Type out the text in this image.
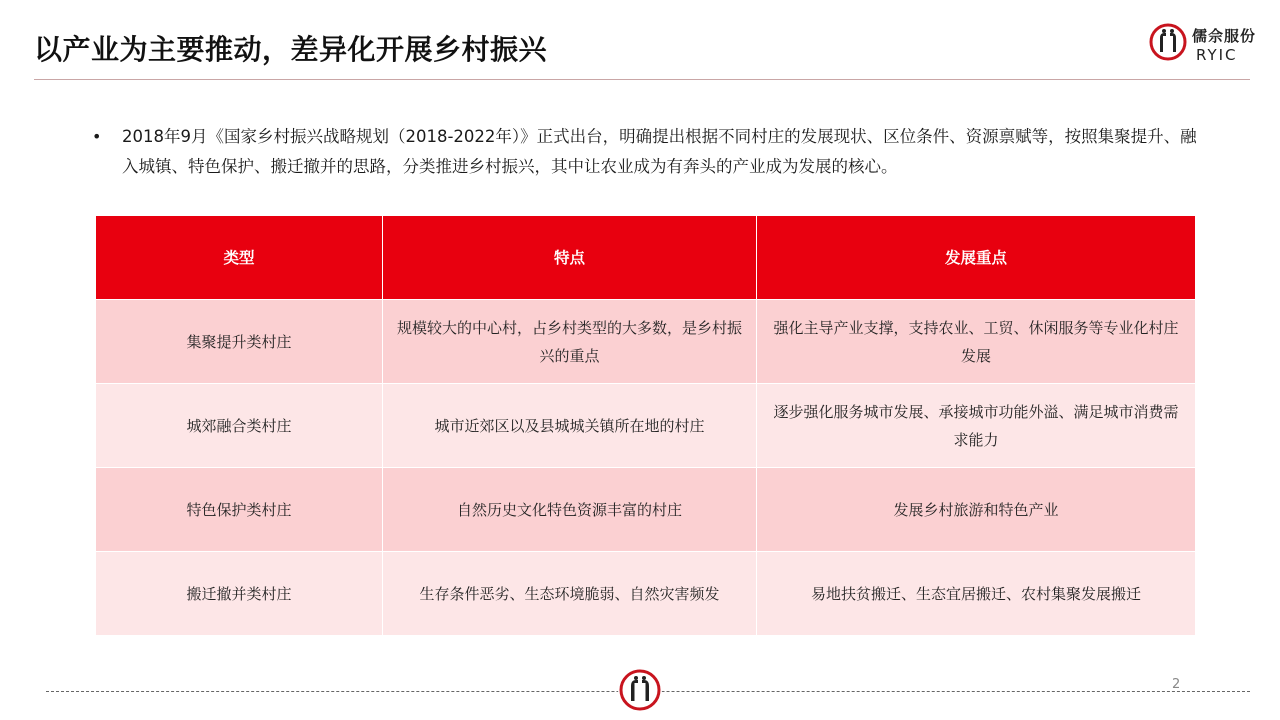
以产业为主要推动，差异化开展乡村振兴	儒佘服份
RYIC
• 2018年9月《国家乡村振兴战略规划（2018-2022年）》正式出台，明确提出根据不同村庄的发展现状、区位条件、资源禀赋等，按照集聚提升、融入城镇、特色保护、搬迁撤并的思路，分类推进乡村振兴，其中让农业成为有奔头的产业成为发展的核心。
类型	特点	发展重点
集聚提升类村庄	规模较大的中心村，占乡村类型的大多数，是乡村振兴的重点	强化主导产业支撑，支持农业、工贸、休闲服务等专业化村庄发展
城郊融合类村庄	城市近郊区以及县城城关镇所在地的村庄	逐步强化服务城市发展、承接城市功能外溢、满足城市消费需求能力
特色保护类村庄	自然历史文化特色资源丰富的村庄	发展乡村旅游和特色产业
搬迁撤并类村庄	生存条件恶劣、生态环境脆弱、自然灾害频发	易地扶贫搬迁、生态宜居搬迁、农村集聚发展搬迁
2
